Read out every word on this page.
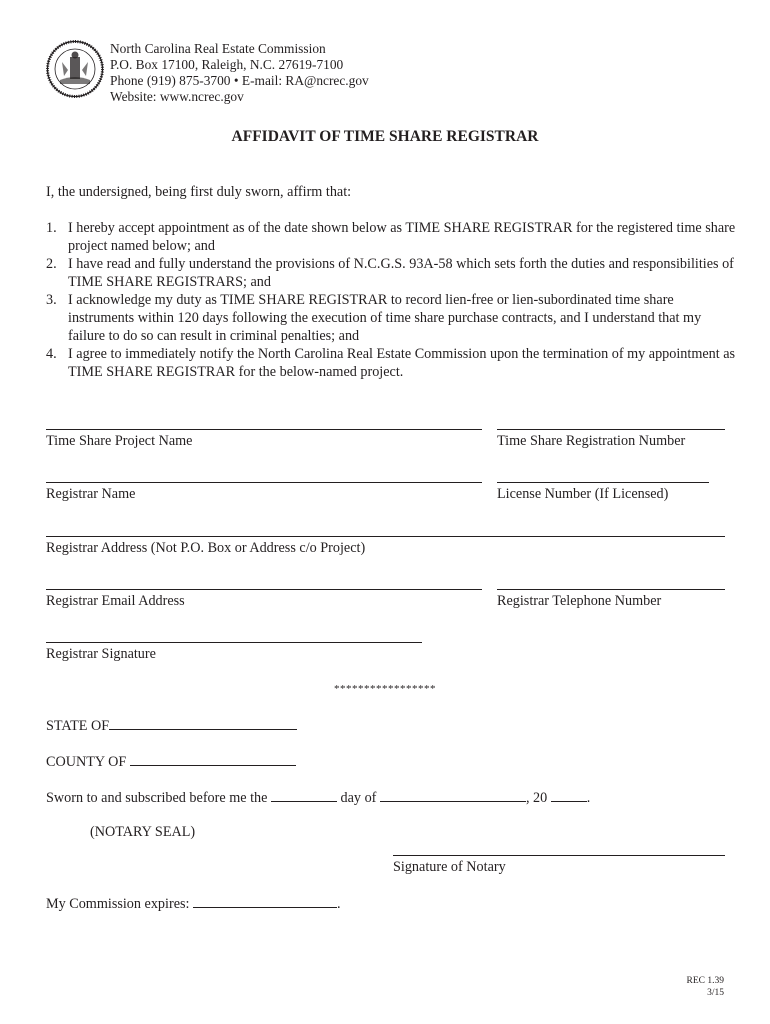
North Carolina Real Estate Commission
P.O. Box 17100, Raleigh, N.C. 27619-7100
Phone (919) 875-3700 • E-mail: RA@ncrec.gov
Website: www.ncrec.gov
AFFIDAVIT OF TIME SHARE REGISTRAR
I, the undersigned, being first duly sworn, affirm that:
1. I hereby accept appointment as of the date shown below as TIME SHARE REGISTRAR for the registered time share project named below; and
2. I have read and fully understand the provisions of N.C.G.S. 93A-58 which sets forth the duties and responsibilities of TIME SHARE REGISTRARS; and
3. I acknowledge my duty as TIME SHARE REGISTRAR to record lien-free or lien-subordinated time share instruments within 120 days following the execution of time share purchase contracts, and I understand that my failure to do so can result in criminal penalties; and
4. I agree to immediately notify the North Carolina Real Estate Commission upon the termination of my appointment as TIME SHARE REGISTRAR for the below-named project.
Time Share Project Name	Time Share Registration Number
Registrar Name	License Number (If Licensed)
Registrar Address (Not P.O. Box or Address c/o Project)
Registrar Email Address	Registrar Telephone Number
Registrar Signature
*****************
STATE OF
COUNTY OF
Sworn to and subscribed before me the	day of	, 20	.
(NOTARY SEAL)
Signature of Notary
My Commission expires:	.
REC 1.39
3/15
